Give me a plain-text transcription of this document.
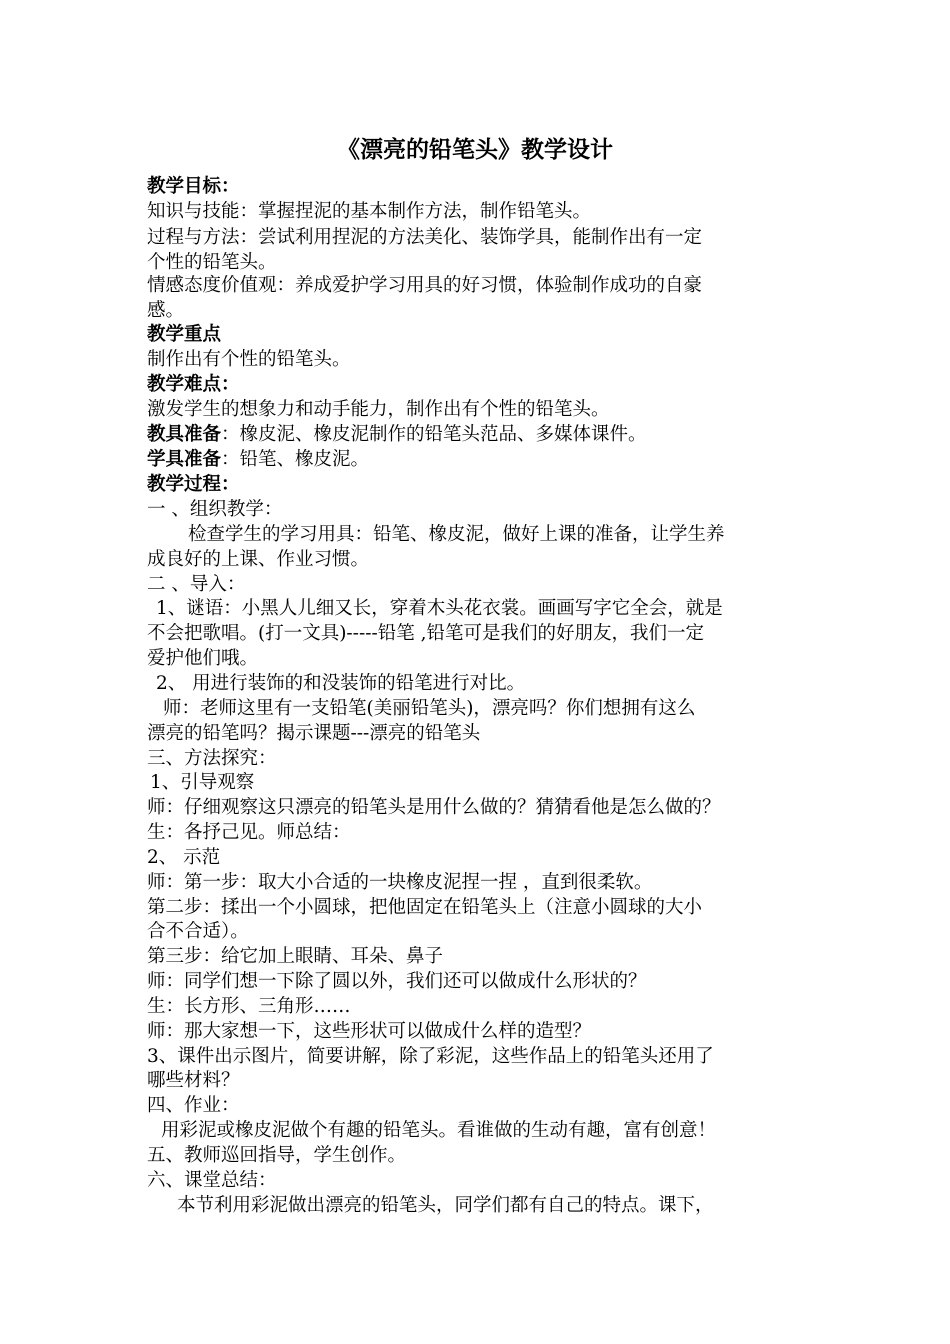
《漂亮的铅笔头》教学设计
教学目标：
知识与技能：掌握捏泥的基本制作方法，制作铅笔头。
过程与方法：尝试利用捏泥的方法美化、装饰学具，能制作出有一定
个性的铅笔头。
情感态度价值观：养成爱护学习用具的好习惯，体验制作成功的自豪
感。
教学重点
制作出有个性的铅笔头。
教学难点：
激发学生的想象力和动手能力，制作出有个性的铅笔头。
教具准备：橡皮泥、橡皮泥制作的铅笔头范品、多媒体课件。
学具准备：铅笔、橡皮泥。
教学过程：
一 、组织教学：
检查学生的学习用具：铅笔、橡皮泥，做好上课的准备，让学生养
成良好的上课、作业习惯。
二 、导入：
1、谜语：小黑人儿细又长，穿着木头花衣裳。画画写字它全会，就是
不会把歌唱。(打一文具)-----铅笔 ,铅笔可是我们的好朋友，我们一定
爱护他们哦。
2、 用进行装饰的和没装饰的铅笔进行对比。
师：老师这里有一支铅笔(美丽铅笔头)，漂亮吗？你们想拥有这么
漂亮的铅笔吗？揭示课题---漂亮的铅笔头
三、方法探究：
1、引导观察
师：仔细观察这只漂亮的铅笔头是用什么做的？猜猜看他是怎么做的？
生：各抒己见。师总结：
2、 示范
师：第一步：取大小合适的一块橡皮泥捏一捏 ，直到很柔软。
第二步：揉出一个小圆球，把他固定在铅笔头上（注意小圆球的大小
合不合适）。
第三步：给它加上眼睛、耳朵、鼻子
师：同学们想一下除了圆以外，我们还可以做成什么形状的？
生：长方形、三角形……
师：那大家想一下，这些形状可以做成什么样的造型？
3、课件出示图片，简要讲解，除了彩泥，这些作品上的铅笔头还用了
哪些材料？
四、作业：
用彩泥或橡皮泥做个有趣的铅笔头。看谁做的生动有趣，富有创意！
五、教师巡回指导，学生创作。
六、课堂总结：
本节利用彩泥做出漂亮的铅笔头，同学们都有自己的特点。课下，
